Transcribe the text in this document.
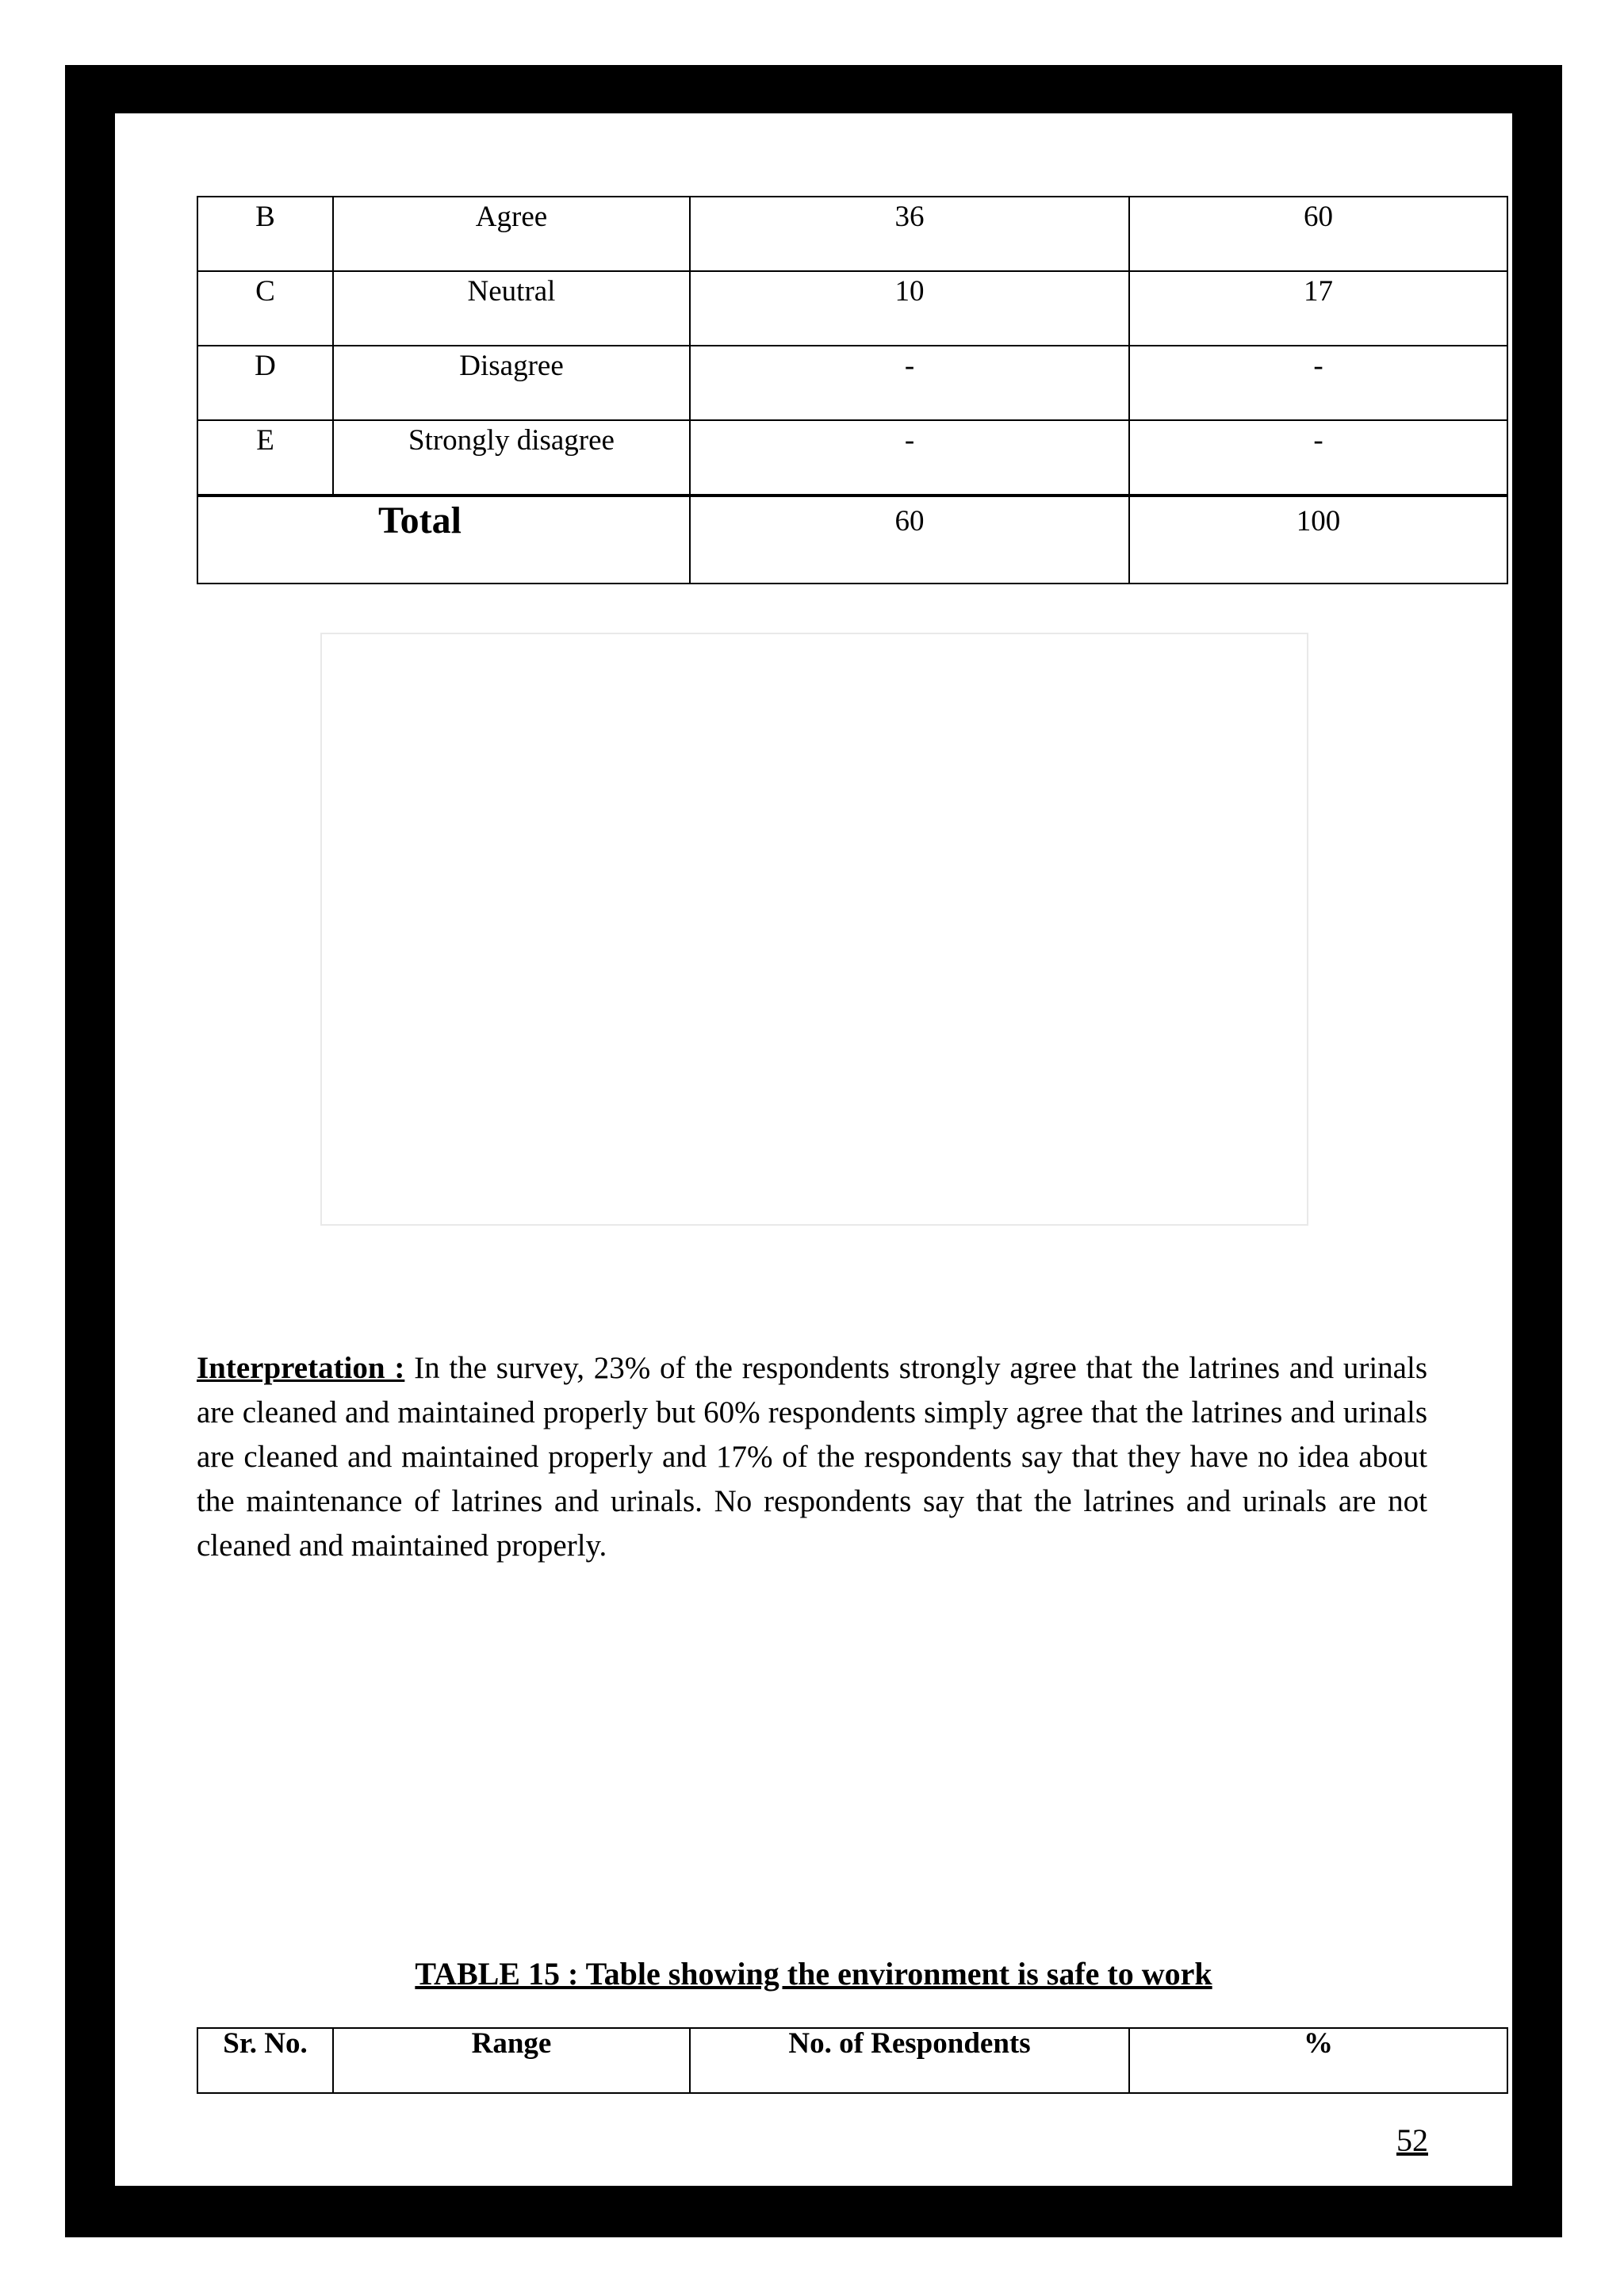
B	Agree	36	60
C	Neutral	10	17
D	Disagree	-	-
E	Strongly disagree	-	-
Total		60	100

Interpretation : In the survey, 23% of the respondents strongly agree that the latrines and urinals are cleaned and maintained properly but 60% respondents simply agree that the latrines and urinals are cleaned and maintained properly and 17% of the respondents say that they have no idea about the maintenance of latrines and urinals. No respondents say that the latrines and urinals are not cleaned and maintained properly.

TABLE 15 : Table showing the environment is safe to work

Sr. No.	Range	No. of Respondents	%
52
